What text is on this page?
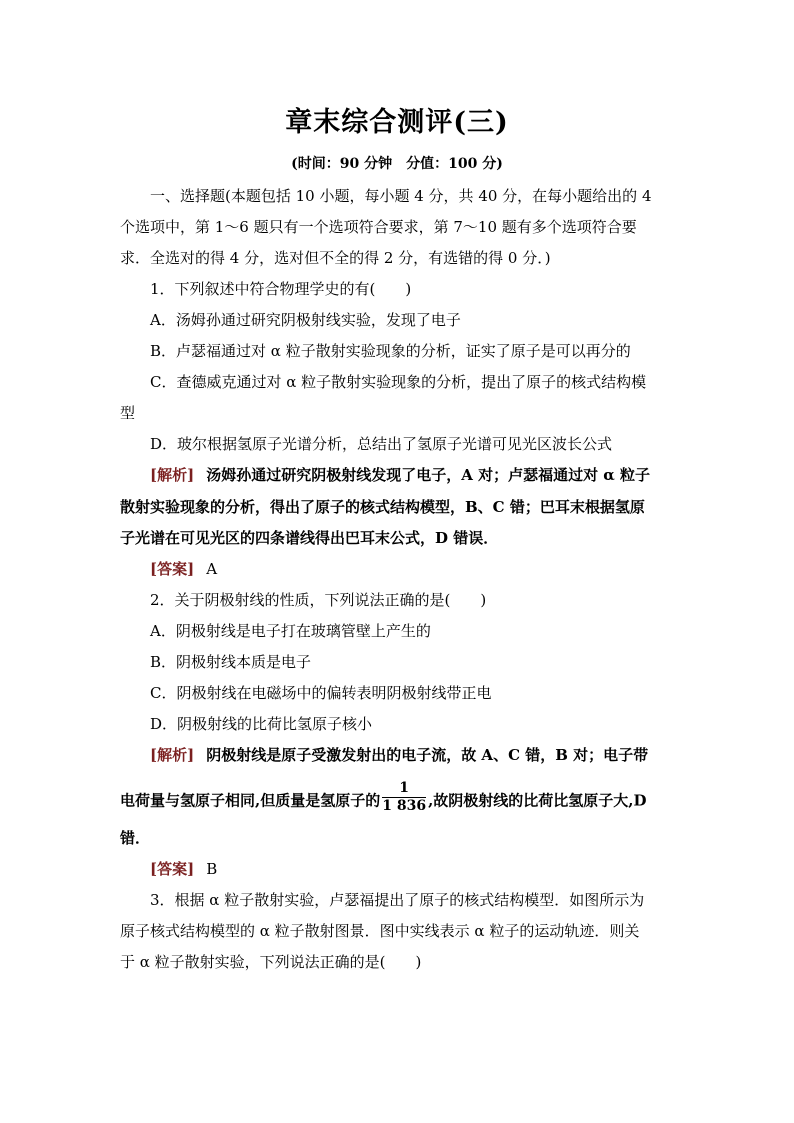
章末综合测评(三)
(时间：90 分钟　分值：100 分)
一、选择题(本题包括 10 小题，每小题 4 分，共 40 分，在每小题给出的 4
个选项中，第 1～6 题只有一个选项符合要求，第 7～10 题有多个选项符合要
求．全选对的得 4 分，选对但不全的得 2 分，有选错的得 0 分．)
1．下列叙述中符合物理学史的有(　　)
A．汤姆孙通过研究阴极射线实验，发现了电子
B．卢瑟福通过对 α 粒子散射实验现象的分析，证实了原子是可以再分的
C．查德威克通过对 α 粒子散射实验现象的分析，提出了原子的核式结构模
型
D．玻尔根据氢原子光谱分析，总结出了氢原子光谱可见光区波长公式
[解析] 汤姆孙通过研究阴极射线发现了电子，A 对；卢瑟福通过对 α 粒子
散射实验现象的分析，得出了原子的核式结构模型，B、C 错；巴耳末根据氢原
子光谱在可见光区的四条谱线得出巴耳末公式，D 错误．
[答案] A
2．关于阴极射线的性质，下列说法正确的是(　　)
A．阴极射线是电子打在玻璃管壁上产生的
B．阴极射线本质是电子
C．阴极射线在电磁场中的偏转表明阴极射线带正电
D．阴极射线的比荷比氢原子核小
[解析] 阴极射线是原子受激发射出的电子流，故 A、C 错，B 对；电子带
电荷量与氢原子相同,但质量是氢原子的 $\frac{1}{1 836}$ ,故阴极射线的比荷比氢原子大,D
错．
[答案] B
3．根据 α 粒子散射实验，卢瑟福提出了原子的核式结构模型．如图所示为
原子核式结构模型的 α 粒子散射图景．图中实线表示 α 粒子的运动轨迹．则关
于 α 粒子散射实验，下列说法正确的是(　　)
